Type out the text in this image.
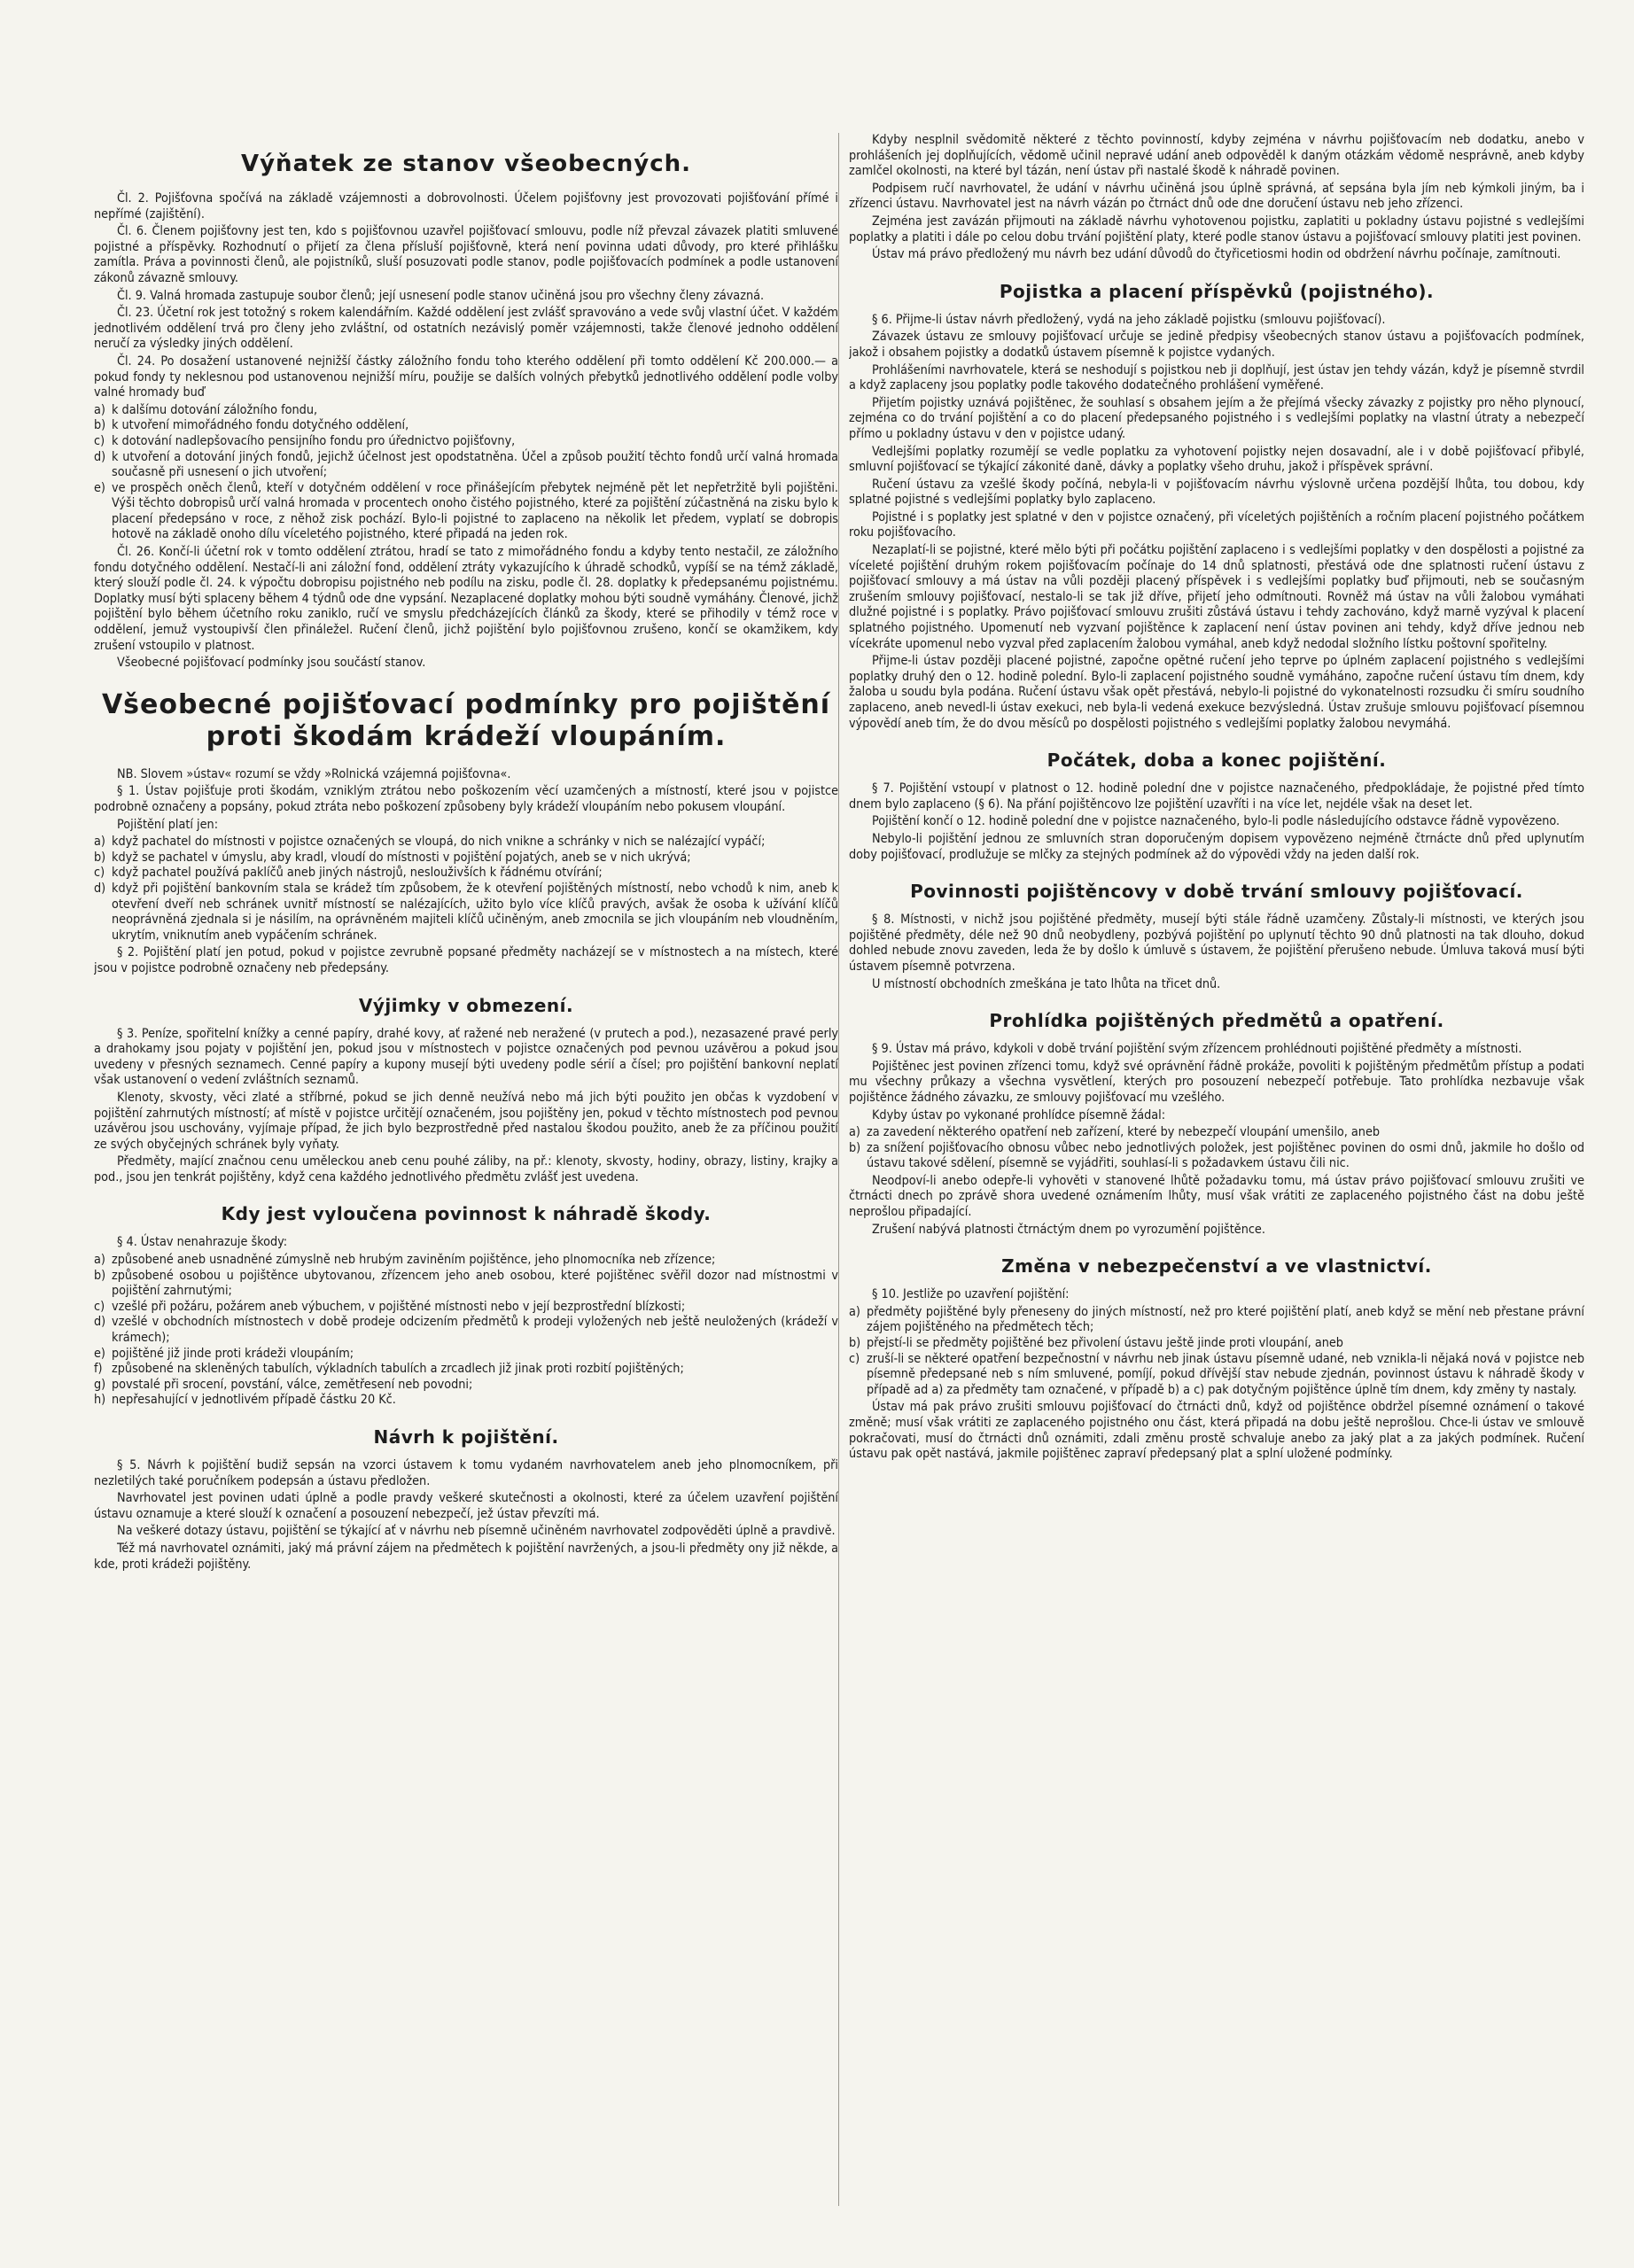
Výňatek ze stanov všeobecných.

Čl. 2. Pojišťovna spočívá na základě vzájemnosti a dobrovolnosti. Účelem pojišťovny jest provozovati pojišťování přímé i nepřímé (zajištění).

Čl. 6. Členem pojišťovny jest ten, kdo s pojišťovnou uzavřel pojišťovací smlouvu, podle níž převzal závazek platiti smluvené pojistné a příspěvky. Rozhodnutí o přijetí za člena přísluší pojišťovně, která není povinna udati důvody, pro které přihlášku zamítla. Práva a povinnosti členů, ale pojistníků, sluší posuzovati podle stanov, podle pojišťovacích podmínek a podle ustanovení zákonů závazně smlouvy.

Čl. 9. Valná hromada zastupuje soubor členů; její usnesení podle stanov učiněná jsou pro všechny členy závazná.

Čl. 23. Účetní rok jest totožný s rokem kalendářním. Každé oddělení jest zvlášť spravováno a vede svůj vlastní účet. V každém jednotlivém oddělení trvá pro členy jeho zvláštní, od ostatních nezávislý poměr vzájemnosti, takže členové jednoho oddělení neručí za výsledky jiných oddělení.

Čl. 24. Po dosažení ustanovené nejnižší částky záložního fondu toho kterého oddělení při tomto oddělení Kč 200.000.— a pokud fondy ty neklesnou pod ustanovenou nejnižší míru, použije se dalších volných přebytků jednotlivého oddělení podle volby valné hromady buď

a) k dalšímu dotování záložního fondu,
b) k utvoření mimořádného fondu dotyčného oddělení,
c) k dotování nadlepšovacího pensijního fondu pro úřednictvo pojišťovny,
d) k utvoření a dotování jiných fondů, jejichž účelnost jest opodstatněna. Účel a způsob použití těchto fondů určí valná hromada současně při usnesení o jich utvoření;
e) ve prospěch oněch členů, kteří v dotyčném oddělení v roce přinášejícím přebytek nejméně pět let nepřetržitě byli pojištěni. Výši těchto dobropisů určí valná hromada v procentech onoho čistého pojistného, které za pojištění zúčastněná na zisku bylo k placení předepsáno v roce, z něhož zisk pochází. Bylo-li pojistné to zaplaceno na několik let předem, vyplatí se dobropis hotově na základě onoho dílu víceletého pojistného, které připadá na jeden rok.

Čl. 26. Končí-li účetní rok v tomto oddělení ztrátou, hradí se tato z mimořádného fondu a kdyby tento nestačil, ze záložního fondu dotyčného oddělení. Nestačí-li ani záložní fond, oddělení ztráty vykazujícího k úhradě schodků, vypíší se na témž základě, který slouží podle čl. 24. k výpočtu dobropisu pojistného neb podílu na zisku, podle čl. 28. doplatky k předepsanému pojistnému. Doplatky musí býti splaceny během 4 týdnů ode dne vypsání. Nezaplacené doplatky mohou býti soudně vymáhány. Členové, jichž pojištění bylo během účetního roku zaniklo, ručí ve smyslu předcházejících článků za škody, které se přihodily v témž roce v oddělení, jemuž vystoupivší člen přináležel. Ručení členů, jichž pojištění bylo pojišťovnou zrušeno, končí se okamžikem, kdy zrušení vstoupilo v platnost.

Všeobecné pojišťovací podmínky jsou součástí stanov.

Všeobecné pojišťovací podmínky pro pojištění proti škodám krádeží vloupáním.

NB. Slovem »ústav« rozumí se vždy »Rolnická vzájemná pojišťovna«.

§ 1. Ústav pojišťuje proti škodám, vzniklým ztrátou nebo poškozením věcí uzamčených a místností, které jsou v pojistce podrobně označeny a popsány, pokud ztráta nebo poškození způsobeny byly krádeží vloupáním nebo pokusem vloupání.

Pojištění platí jen:

a) když pachatel do místnosti v pojistce označených se vloupá, do nich vnikne a schránky v nich se nalézající vypáčí;
b) když se pachatel v úmyslu, aby kradl, vloudí do místnosti v pojištění pojatých, aneb se v nich ukrývá;
c) když pachatel používá paklíčů aneb jiných nástrojů, neslouživších k řádnému otvírání;
d) když při pojištění bankovním stala se krádež tím způsobem, že k otevření pojištěných místností, nebo vchodů k nim, aneb k otevření dveří neb schránek uvnitř místností se nalézajících, užito bylo více klíčů pravých, avšak že osoba k užívání klíčů neoprávněná zjednala si je násilím, na oprávněném majiteli klíčů učiněným, aneb zmocnila se jich vloupáním neb vloudněním, ukrytím, vniknutím aneb vypáčením schránek.

§ 2. Pojištění platí jen potud, pokud v pojistce zevrubně popsané předměty nacházejí se v místnostech a na místech, které jsou v pojistce podrobně označeny neb předepsány.

Výjimky v obmezení.

§ 3. Peníze, spořitelní knížky a cenné papíry, drahé kovy, ať ražené neb neražené (v prutech a pod.), nezasazené pravé perly a drahokamy jsou pojaty v pojištění jen, pokud jsou v místnostech v pojistce označených pod pevnou uzávěrou a pokud jsou uvedeny v přesných seznamech. Cenné papíry a kupony musejí býti uvedeny podle sérií a čísel; pro pojištění bankovní neplatí však ustanovení o vedení zvláštních seznamů.

Klenoty, skvosty, věci zlaté a stříbrné, pokud se jich denně neužívá nebo má jich býti použito jen občas k vyzdobení v pojištění zahrnutých místností; ať místě v pojistce určitějí označeném, jsou pojištěny jen, pokud v těchto místnostech pod pevnou uzávěrou jsou uschovány, vyjímaje případ, že jich bylo bezprostředně před nastalou škodou použito, aneb že za příčinou použití ze svých obyčejných schránek byly vyňaty.

Předměty, mající značnou cenu uměleckou aneb cenu pouhé záliby, na př.: klenoty, skvosty, hodiny, obrazy, listiny, krajky a pod., jsou jen tenkrát pojištěny, když cena každého jednotlivého předmětu zvlášť jest uvedena.

Kdy jest vyloučena povinnost k náhradě škody.

§ 4. Ústav nenahrazuje škody:

a) způsobené aneb usnadněné zúmyslně neb hrubým zaviněním pojištěnce, jeho plnomocníka neb zřízence;
b) způsobené osobou u pojištěnce ubytovanou, zřízencem jeho aneb osobou, které pojištěnec svěřil dozor nad místnostmi v pojištění zahrnutými;
c) vzešlé při požáru, požárem aneb výbuchem, v pojištěné místnosti nebo v její bezprostřední blízkosti;
d) vzešlé v obchodních místnostech v době prodeje odcizením předmětů k prodeji vyložených neb ještě neuložených (krádeží v krámech);
e) pojištěné již jinde proti krádeži vloupáním;
f) způsobené na skleněných tabulích, výkladních tabulích a zrcadlech již jinak proti rozbití pojištěných;
g) povstalé při srocení, povstání, válce, zemětřesení neb povodni;
h) nepřesahující v jednotlivém případě částku 20 Kč.
Návrh k pojištění.

§ 5. Návrh k pojištění budiž sepsán na vzorci ústavem k tomu vydaném navrhovatelem aneb jeho plnomocníkem, při nezletilých také poručníkem podepsán a ústavu předložen.

Navrhovatel jest povinen udati úplně a podle pravdy veškeré skutečnosti a okolnosti, které za účelem uzavření pojištění ústavu oznamuje a které slouží k označení a posouzení nebezpečí, jež ústav převzíti má.

Na veškeré dotazy ústavu, pojištění se týkající ať v návrhu neb písemně učiněném navrhovatel zodpověděti úplně a pravdivě.

Též má navrhovatel oznámiti, jaký má právní zájem na předmětech k pojištění navržených, a jsou-li předměty ony již někde, a kde, proti krádeži pojištěny.

Kdyby nesplnil svědomitě některé z těchto povinností, kdyby zejména v návrhu pojišťovacím neb dodatku, anebo v prohlášeních jej doplňujících, vědomě učinil nepravé udání aneb odpověděl k daným otázkám vědomě nesprávně, aneb kdyby zamlčel okolnosti, na které byl tázán, není ústav při nastalé škodě k náhradě povinen.

Podpisem ručí navrhovatel, že udání v návrhu učiněná jsou úplně správná, ať sepsána byla jím neb kýmkoli jiným, ba i zřízenci ústavu. Navrhovatel jest na návrh vázán po čtrnáct dnů ode dne doručení ústavu neb jeho zřízenci.

Zejména jest zavázán přijmouti na základě návrhu vyhotovenou pojistku, zaplatiti u pokladny ústavu pojistné s vedlejšími poplatky a platiti i dále po celou dobu trvání pojištění platy, které podle stanov ústavu a pojišťovací smlouvy platiti jest povinen.

Ústav má právo předložený mu návrh bez udání důvodů do čtyřicetiosmi hodin od obdržení návrhu počínaje, zamítnouti.

Pojistka a placení příspěvků (pojistného).

§ 6. Přijme-li ústav návrh předložený, vydá na jeho základě pojistku (smlouvu pojišťovací).

Závazek ústavu ze smlouvy pojišťovací určuje se jedině předpisy všeobecných stanov ústavu a pojišťovacích podmínek, jakož i obsahem pojistky a dodatků ústavem písemně k pojistce vydaných.

Prohlášeními navrhovatele, která se neshodují s pojistkou neb ji doplňují, jest ústav jen tehdy vázán, když je písemně stvrdil a když zaplaceny jsou poplatky podle takového dodatečného prohlášení vyměřené.

Přijetím pojistky uznává pojištěnec, že souhlasí s obsahem jejím a že přejímá všecky závazky z pojistky pro něho plynoucí, zejména co do trvání pojištění a co do placení předepsaného pojistného i s vedlejšími poplatky na vlastní útraty a nebezpečí přímo u pokladny ústavu v den v pojistce udaný.

Vedlejšími poplatky rozumějí se vedle poplatku za vyhotovení pojistky nejen dosavadní, ale i v době pojišťovací přibylé, smluvní pojišťovací se týkající zákonité daně, dávky a poplatky všeho druhu, jakož i příspěvek správní.

Ručení ústavu za vzešlé škody počíná, nebyla-li v pojišťovacím návrhu výslovně určena pozdější lhůta, tou dobou, kdy splatné pojistné s vedlejšími poplatky bylo zaplaceno.

Pojistné i s poplatky jest splatné v den v pojistce označený, při víceletých pojištěních a ročním placení pojistného počátkem roku pojišťovacího.

Nezaplatí-li se pojistné, které mělo býti při počátku pojištění zaplaceno i s vedlejšími poplatky v den dospělosti a pojistné za víceleté pojištění druhým rokem pojišťovacím počínaje do 14 dnů splatnosti, přestává ode dne splatnosti ručení ústavu z pojišťovací smlouvy a má ústav na vůli později placený příspěvek i s vedlejšími poplatky buď přijmouti, neb se současným zrušením smlouvy pojišťovací, nestalo-li se tak již dříve, přijetí jeho odmítnouti. Rovněž má ústav na vůli žalobou vymáhati dlužné pojistné i s poplatky. Právo pojišťovací smlouvu zrušiti zůstává ústavu i tehdy zachováno, když marně vyzýval k placení splatného pojistného. Upomenutí neb vyzvaní pojištěnce k zaplacení není ústav povinen ani tehdy, když dříve jednou neb vícekráte upomenul nebo vyzval před zaplacením žalobou vymáhal, aneb když nedodal složního lístku poštovní spořitelny.

Přijme-li ústav později placené pojistné, započne opětné ručení jeho teprve po úplném zaplacení pojistného s vedlejšími poplatky druhý den o 12. hodině polední. Bylo-li zaplacení pojistného soudně vymáháno, započne ručení ústavu tím dnem, kdy žaloba u soudu byla podána. Ručení ústavu však opět přestává, nebylo-li pojistné do vykonatelnosti rozsudku či smíru soudního zaplaceno, aneb nevedl-li ústav exekuci, neb byla-li vedená exekuce bezvýsledná. Ústav zrušuje smlouvu pojišťovací písemnou výpovědí aneb tím, že do dvou měsíců po dospělosti pojistného s vedlejšími poplatky žalobou nevymáhá.

Počátek, doba a konec pojištění.

§ 7. Pojištění vstoupí v platnost o 12. hodině polední dne v pojistce naznačeného, předpokládaje, že pojistné před tímto dnem bylo zaplaceno (§ 6). Na přání pojištěncovo lze pojištění uzavříti i na více let, nejdéle však na deset let.

Pojištění končí o 12. hodině polední dne v pojistce naznačeného, bylo-li podle následujícího odstavce řádně vypovězeno.

Nebylo-li pojištění jednou ze smluvních stran doporučeným dopisem vypovězeno nejméně čtrnácte dnů před uplynutím doby pojišťovací, prodlužuje se mlčky za stejných podmínek až do výpovědi vždy na jeden další rok.

Povinnosti pojištěncovy v době trvání smlouvy pojišťovací.

§ 8. Místnosti, v nichž jsou pojištěné předměty, musejí býti stále řádně uzamčeny. Zůstaly-li místnosti, ve kterých jsou pojištěné předměty, déle než 90 dnů neobydleny, pozbývá pojištění po uplynutí těchto 90 dnů platnosti na tak dlouho, dokud dohled nebude znovu zaveden, leda že by došlo k úmluvě s ústavem, že pojištění přerušeno nebude. Úmluva taková musí býti ústavem písemně potvrzena.

U místností obchodních zmeškána je tato lhůta na třicet dnů.

Prohlídka pojištěných předmětů a opatření.

§ 9. Ústav má právo, kdykoli v době trvání pojištění svým zřízencem prohlédnouti pojištěné předměty a místnosti.

Pojištěnec jest povinen zřízenci tomu, když své oprávnění řádně prokáže, povoliti k pojištěným předmětům přístup a podati mu všechny průkazy a všechna vysvětlení, kterých pro posouzení nebezpečí potřebuje. Tato prohlídka nezbavuje však pojištěnce žádného závazku, ze smlouvy pojišťovací mu vzešlého.

Kdyby ústav po vykonané prohlídce písemně žádal:

a) za zavedení některého opatření neb zařízení, které by nebezpečí vloupání umenšilo, aneb
b) za snížení pojišťovacího obnosu vůbec nebo jednotlivých položek, jest pojištěnec povinen do osmi dnů, jakmile ho došlo od ústavu takové sdělení, písemně se vyjádřiti, souhlasí-li s požadavkem ústavu čili nic.

Neodpoví-li anebo odepře-li vyhověti v stanovené lhůtě požadavku tomu, má ústav právo pojišťovací smlouvu zrušiti ve čtrnácti dnech po zprávě shora uvedené oznámením lhůty, musí však vrátiti ze zaplaceného pojistného část na dobu ještě neprošlou připadající.

Zrušení nabývá platnosti čtrnáctým dnem po vyrozumění pojištěnce.

Změna v nebezpečenství a ve vlastnictví.

§ 10. Jestliže po uzavření pojištění:

a) předměty pojištěné byly přeneseny do jiných místností, než pro které pojištění platí, aneb když se mění neb přestane právní zájem pojištěného na předmětech těch;
b) přejstí-li se předměty pojištěné bez přivolení ústavu ještě jinde proti vloupání, aneb
c) zruší-li se některé opatření bezpečnostní v návrhu neb jinak ústavu písemně udané, neb vznikla-li nějaká nová v pojistce neb písemně předepsané neb s ním smluvené, pomíjí, pokud dřívější stav nebude zjednán, povinnost ústavu k náhradě škody v případě ad a) za předměty tam označené, v případě b) a c) pak dotyčným pojištěnce úplně tím dnem, kdy změny ty nastaly.

Ústav má pak právo zrušiti smlouvu pojišťovací do čtrnácti dnů, když od pojištěnce obdržel písemné oznámení o takové změně; musí však vrátiti ze zaplaceného pojistného onu část, která připadá na dobu ještě neprošlou. Chce-li ústav ve smlouvě pokračovati, musí do čtrnácti dnů oznámiti, zdali změnu prostě schvaluje anebo za jaký plat a za jakých podmínek. Ručení ústavu pak opět nastává, jakmile pojištěnec zapraví předepsaný plat a splní uložené podmínky.
